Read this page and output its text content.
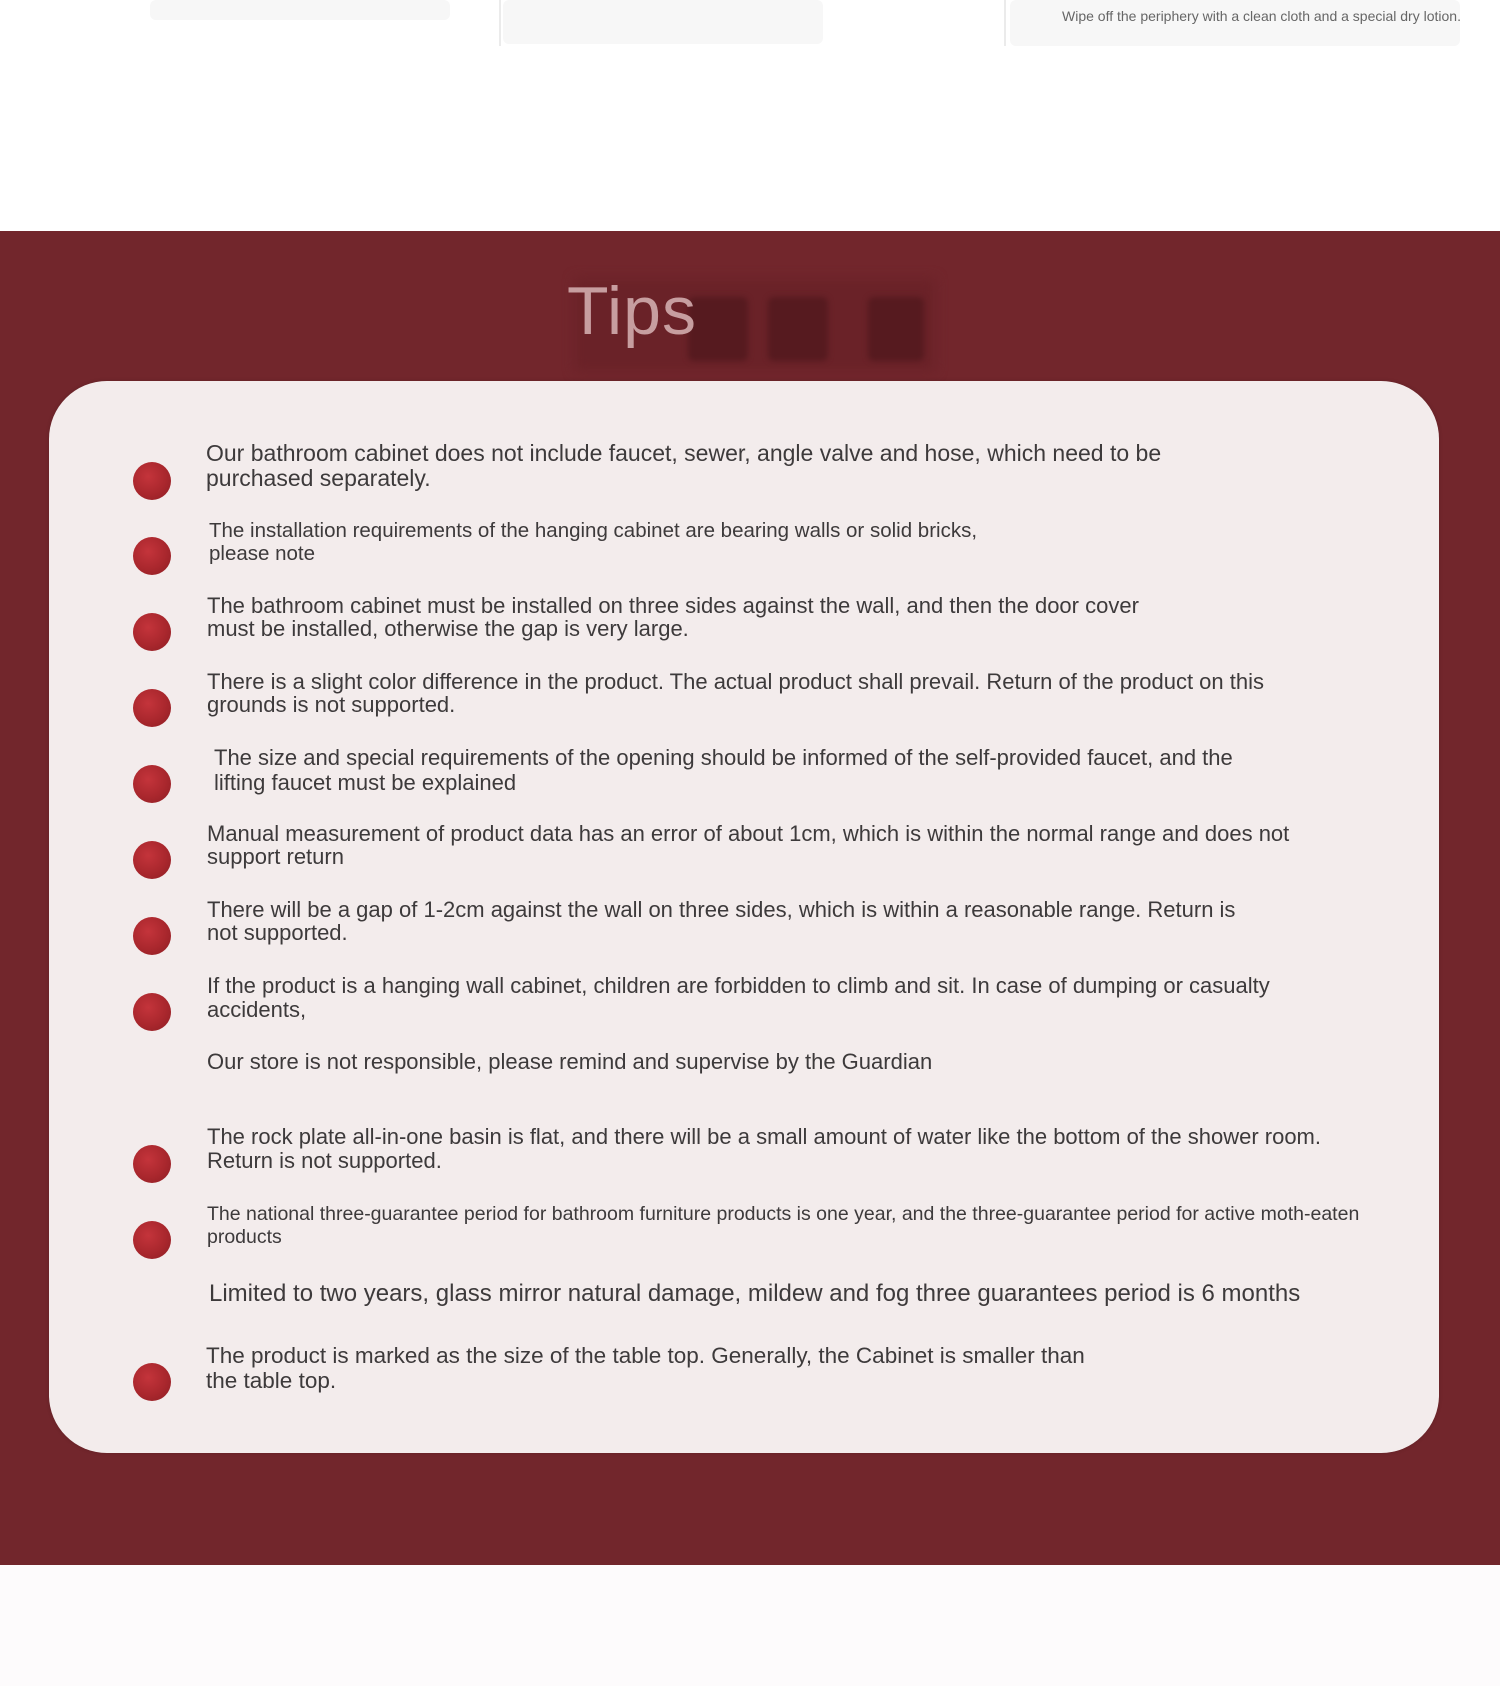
Wipe off the periphery with a clean cloth and a special dry lotion.
Tips
Our bathroom cabinet does not include faucet, sewer, angle valve and hose, which need to be purchased separately.
The installation requirements of the hanging cabinet are bearing walls or solid bricks, please note
The bathroom cabinet must be installed on three sides against the wall, and then the door cover must be installed, otherwise the gap is very large.
There is a slight color difference in the product. The actual product shall prevail. Return of the product on this grounds is not supported.
The size and special requirements of the opening should be informed of the self-provided faucet, and the lifting faucet must be explained
Manual measurement of product data has an error of about 1cm, which is within the normal range and does not support return
There will be a gap of 1-2cm against the wall on three sides, which is within a reasonable range. Return is not supported.
If the product is a hanging wall cabinet, children are forbidden to climb and sit. In case of dumping or casualty accidents,
Our store is not responsible, please remind and supervise by the Guardian
The rock plate all-in-one basin is flat, and there will be a small amount of water like the bottom of the shower room. Return is not supported.
The national three-guarantee period for bathroom furniture products is one year, and the three-guarantee period for active moth-eaten products
Limited to two years, glass mirror natural damage, mildew and fog three guarantees period is 6 months
The product is marked as the size of the table top. Generally, the Cabinet is smaller than the table top.
